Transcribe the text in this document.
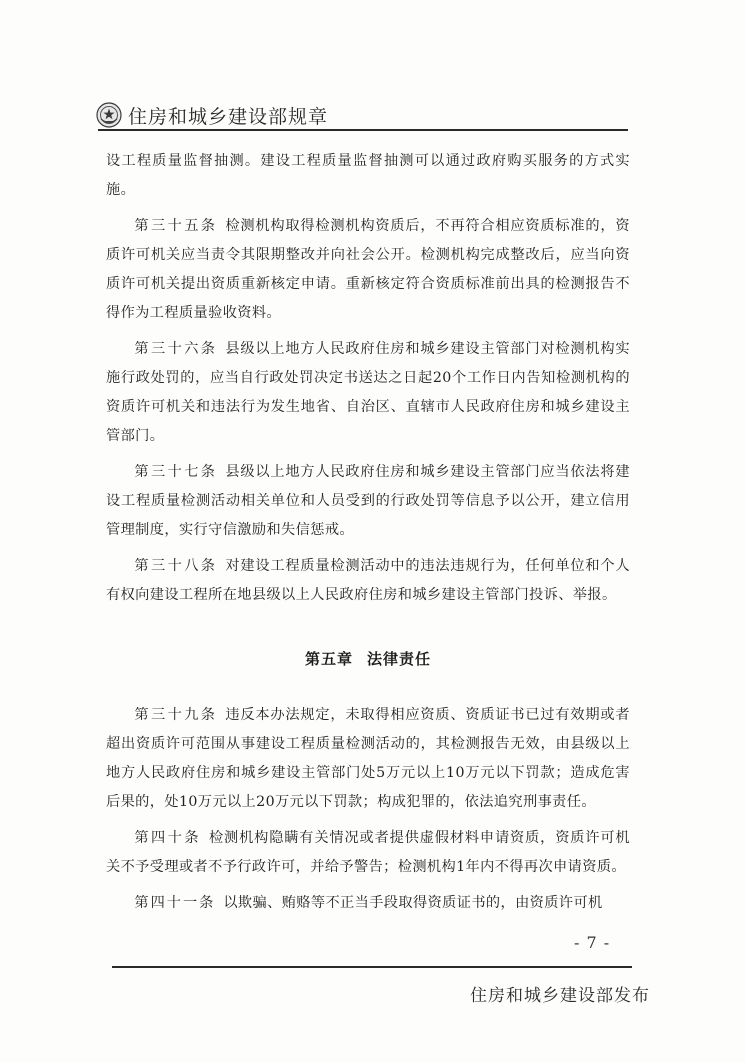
住房和城乡建设部规章

设工程质量监督抽测。建设工程质量监督抽测可以通过政府购买服务的方式实施。

第三十五条 检测机构取得检测机构资质后，不再符合相应资质标准的，资质许可机关应当责令其限期整改并向社会公开。检测机构完成整改后，应当向资质许可机关提出资质重新核定申请。重新核定符合资质标准前出具的检测报告不得作为工程质量验收资料。

第三十六条 县级以上地方人民政府住房和城乡建设主管部门对检测机构实施行政处罚的，应当自行政处罚决定书送达之日起20个工作日内告知检测机构的资质许可机关和违法行为发生地省、自治区、直辖市人民政府住房和城乡建设主管部门。

第三十七条 县级以上地方人民政府住房和城乡建设主管部门应当依法将建设工程质量检测活动相关单位和人员受到的行政处罚等信息予以公开，建立信用管理制度，实行守信激励和失信惩戒。

第三十八条 对建设工程质量检测活动中的违法违规行为，任何单位和个人有权向建设工程所在地县级以上人民政府住房和城乡建设主管部门投诉、举报。

第五章 法律责任

第三十九条 违反本办法规定，未取得相应资质、资质证书已过有效期或者超出资质许可范围从事建设工程质量检测活动的，其检测报告无效，由县级以上地方人民政府住房和城乡建设主管部门处5万元以上10万元以下罚款；造成危害后果的，处10万元以上20万元以下罚款；构成犯罪的，依法追究刑事责任。

第四十条 检测机构隐瞒有关情况或者提供虚假材料申请资质，资质许可机关不予受理或者不予行政许可，并给予警告；检测机构1年内不得再次申请资质。

第四十一条 以欺骗、贿赂等不正当手段取得资质证书的，由资质许可机

- 7 -
住房和城乡建设部发布
